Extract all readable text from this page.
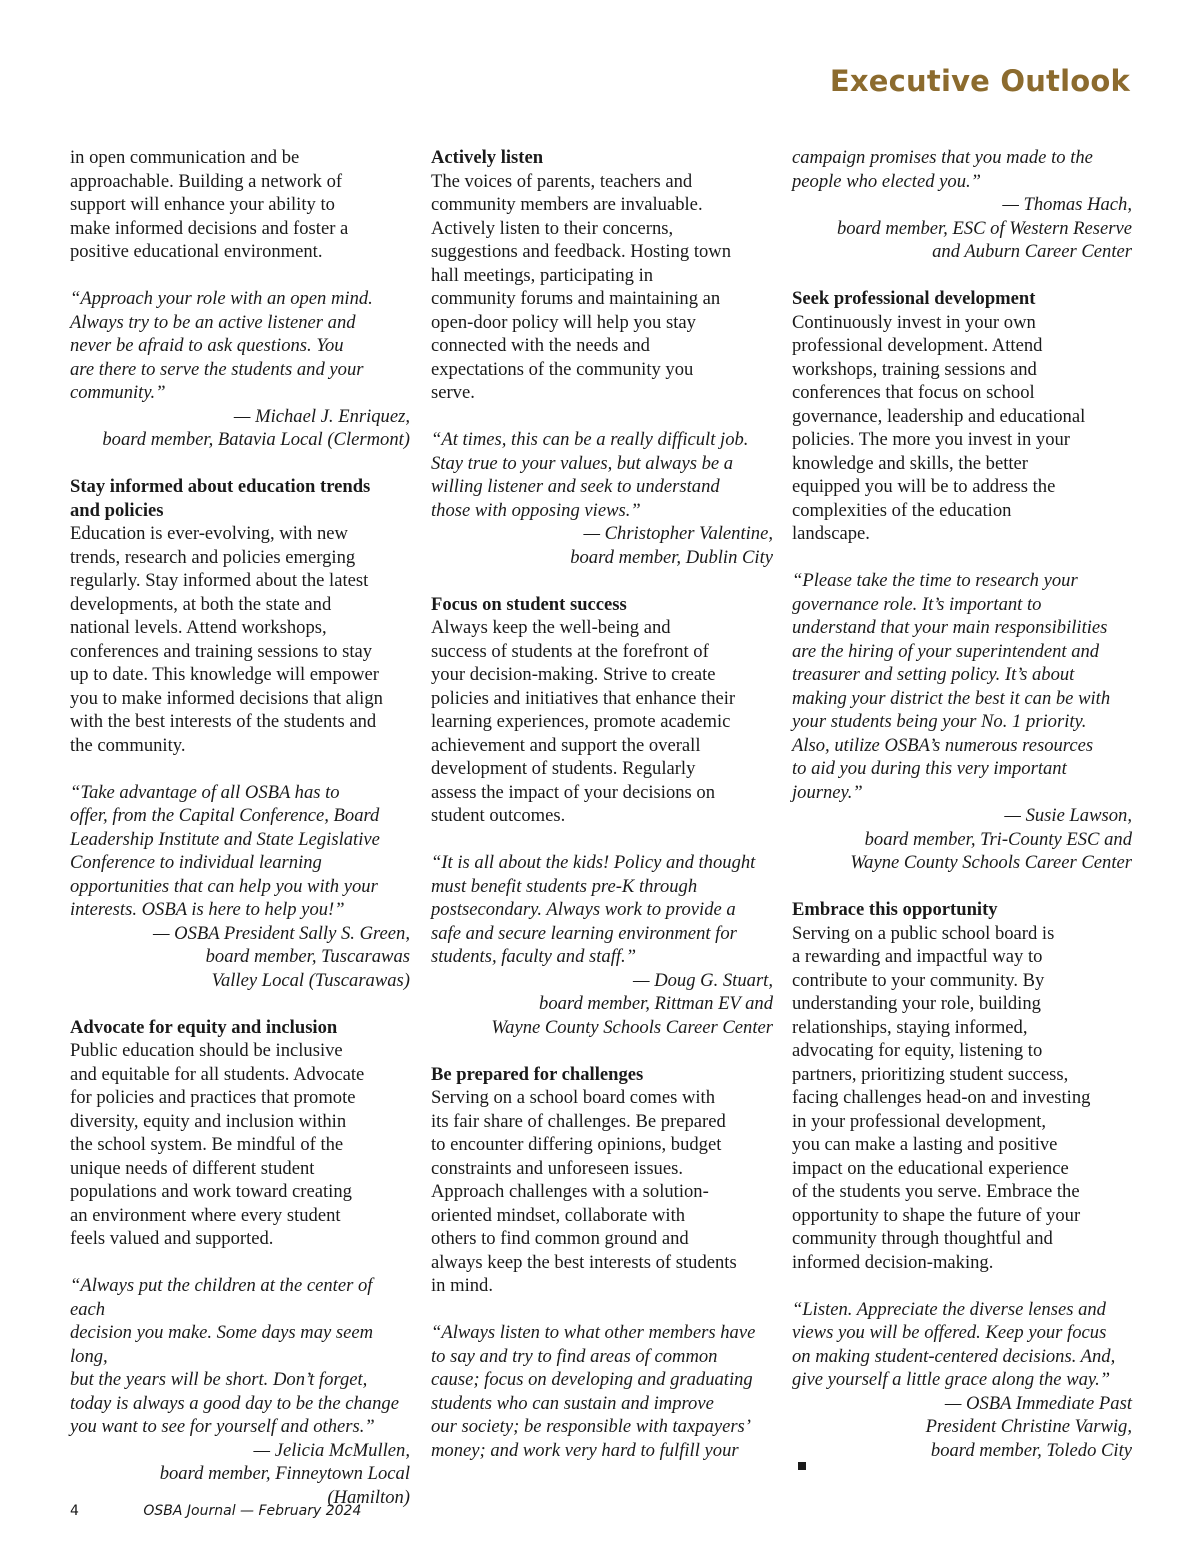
Executive Outlook

in open communication and be
approachable. Building a network of
support will enhance your ability to
make informed decisions and foster a
positive educational environment.

“Approach your role with an open mind.
Always try to be an active listener and
never be afraid to ask questions. You
are there to serve the students and your
community.”

— Michael J. Enriquez,
board member, Batavia Local (Clermont)

Stay informed about education trends
and policies

Education is ever-evolving, with new
trends, research and policies emerging
regularly. Stay informed about the latest
developments, at both the state and
national levels. Attend workshops,
conferences and training sessions to stay
up to date. This knowledge will empower
you to make informed decisions that align
with the best interests of the students and
the community.

“Take advantage of all OSBA has to
offer, from the Capital Conference, Board
Leadership Institute and State Legislative
Conference to individual learning
opportunities that can help you with your
interests. OSBA is here to help you!”

— OSBA President Sally S. Green,
board member, Tuscarawas
Valley Local (Tuscarawas)

Advocate for equity and inclusion

Public education should be inclusive
and equitable for all students. Advocate
for policies and practices that promote
diversity, equity and inclusion within
the school system. Be mindful of the
unique needs of different student
populations and work toward creating
an environment where every student
feels valued and supported.

“Always put the children at the center of each
decision you make. Some days may seem long,
but the years will be short. Don’t forget,
today is always a good day to be the change
you want to see for yourself and others.”

— Jelicia McMullen,
board member, Finneytown Local
(Hamilton)

Actively listen

The voices of parents, teachers and
community members are invaluable.
Actively listen to their concerns,
suggestions and feedback. Hosting town
hall meetings, participating in
community forums and maintaining an
open-door policy will help you stay
connected with the needs and
expectations of the community you
serve.

“At times, this can be a really difficult job.
Stay true to your values, but always be a
willing listener and seek to understand
those with opposing views.”

— Christopher Valentine,
board member, Dublin City

Focus on student success

Always keep the well-being and
success of students at the forefront of
your decision-making. Strive to create
policies and initiatives that enhance their
learning experiences, promote academic
achievement and support the overall
development of students. Regularly
assess the impact of your decisions on
student outcomes.

“It is all about the kids! Policy and thought
must benefit students pre-K through
postsecondary. Always work to provide a
safe and secure learning environment for
students, faculty and staff.”

— Doug G. Stuart,
board member, Rittman EV and
Wayne County Schools Career Center

Be prepared for challenges

Serving on a school board comes with
its fair share of challenges. Be prepared
to encounter differing opinions, budget
constraints and unforeseen issues.
Approach challenges with a solution-
oriented mindset, collaborate with
others to find common ground and
always keep the best interests of students
in mind.

“Always listen to what other members have
to say and try to find areas of common
cause; focus on developing and graduating
students who can sustain and improve
our society; be responsible with taxpayers’
money; and work very hard to fulfill your

campaign promises that you made to the
people who elected you.”

— Thomas Hach,
board member, ESC of Western Reserve
and Auburn Career Center

Seek professional development

Continuously invest in your own
professional development. Attend
workshops, training sessions and
conferences that focus on school
governance, leadership and educational
policies. The more you invest in your
knowledge and skills, the better
equipped you will be to address the
complexities of the education
landscape.

“Please take the time to research your
governance role. It’s important to
understand that your main responsibilities
are the hiring of your superintendent and
treasurer and setting policy. It’s about
making your district the best it can be with
your students being your No. 1 priority.
Also, utilize OSBA’s numerous resources
to aid you during this very important
journey.”

— Susie Lawson,
board member, Tri-County ESC and
Wayne County Schools Career Center

Embrace this opportunity

Serving on a public school board is
a rewarding and impactful way to
contribute to your community. By
understanding your role, building
relationships, staying informed,
advocating for equity, listening to
partners, prioritizing student success,
facing challenges head-on and investing
in your professional development,
you can make a lasting and positive
impact on the educational experience
of the students you serve. Embrace the
opportunity to shape the future of your
community through thoughtful and
informed decision-making.

“Listen. Appreciate the diverse lenses and
views you will be offered. Keep your focus
on making student-centered decisions. And,
give yourself a little grace along the way.”

— OSBA Immediate Past
President Christine Varwig,
board member, Toledo City

4	OSBA Journal — February 2024
